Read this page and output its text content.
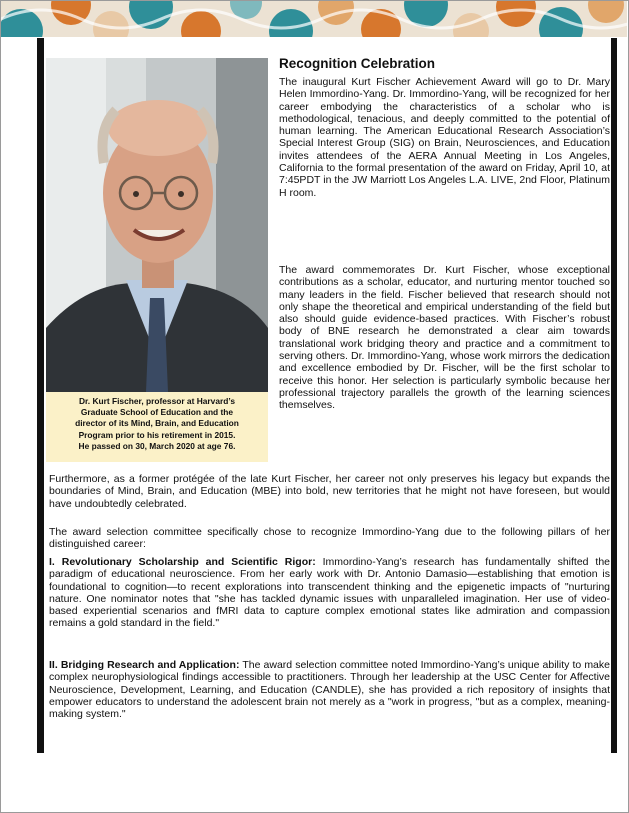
Dr. Kurt Fischer, professor at Harvard’s
Graduate School of Education and the
director of its Mind, Brain, and Education
Program prior to his retirement in 2015.
He passed on 30, March 2020 at age 76.
Recognition Celebration

The inaugural Kurt Fischer Achievement Award will go to Dr. Mary Helen Immordino-Yang. Dr. Immordino-Yang, will be recognized for her career embodying the characteristics of a scholar who is methodological, tenacious, and deeply committed to the potential of human learning. The American Educational Research Association’s Special Interest Group (SIG) on Brain, Neurosciences, and Education invites attendees of the AERA Annual Meeting in Los Angeles, California to the formal presentation of the award on Friday, April 10, at 7:45PDT in the JW Marriott Los Angeles L.A. LIVE, 2nd Floor, Platinum H room.

The award commemorates Dr. Kurt Fischer, whose exceptional contributions as a scholar, educator, and nurturing mentor touched so many leaders in the field. Fischer believed that research should not only shape the theoretical and empirical understanding of the field but also should guide evidence-based practices. With Fischer’s robust body of BNE research he demonstrated a clear aim towards translational work bridging theory and practice and a commitment to serving others. Dr. Immordino-Yang, whose work mirrors the dedication and excellence embodied by Dr. Fischer, will be the first scholar to receive this honor. Her selection is particularly symbolic because her professional trajectory parallels the growth of the learning sciences themselves.

Furthermore, as a former protégée of the late Kurt Fischer, her career not only preserves his legacy but expands the boundaries of Mind, Brain, and Education (MBE) into bold, new territories that he might not have foreseen, but would have undoubtedly celebrated.

The award selection committee specifically chose to recognize Immordino-Yang due to the following pillars of her distinguished career:

I. Revolutionary Scholarship and Scientific Rigor: Immordino-Yang’s research has fundamentally shifted the paradigm of educational neuroscience. From her early work with Dr. Antonio Damasio—establishing that emotion is foundational to cognition—to recent explorations into transcendent thinking and the epigenetic impacts of "nurturing nature. One nominator notes that "she has tackled dynamic issues with unparalleled imagination. Her use of video-based experiential scenarios and fMRI data to capture complex emotional states like admiration and compassion remains a gold standard in the field."

II. Bridging Research and Application: The award selection committee noted Immordino-Yang’s unique ability to make complex neurophysiological findings accessible to practitioners. Through her leadership at the USC Center for Affective Neuroscience, Development, Learning, and Education (CANDLE), she has provided a rich repository of insights that empower educators to understand the adolescent brain not merely as a "work in progress, "but as a complex, meaning-making system."
